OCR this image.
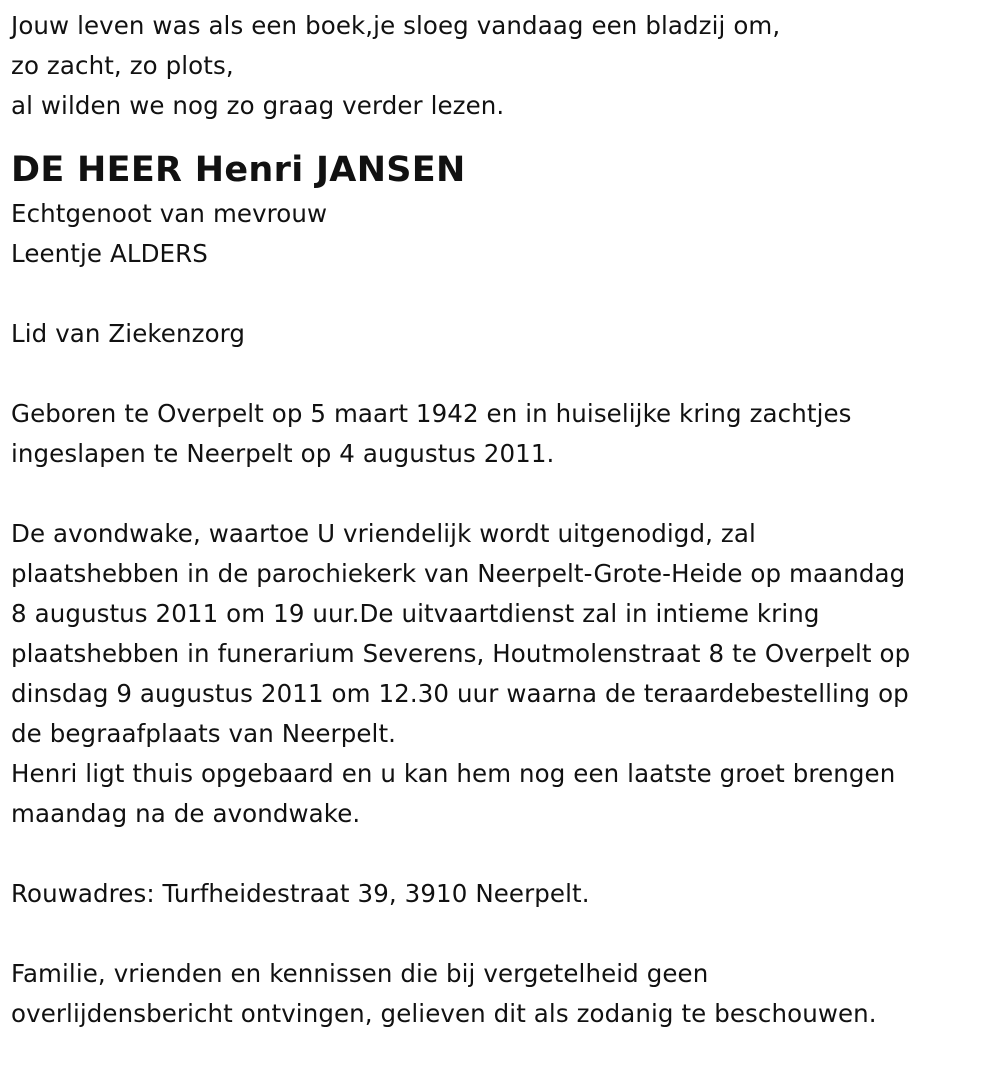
Jouw leven was als een boek,je sloeg vandaag een bladzij om,
zo zacht, zo plots,
al wilden we nog zo graag verder lezen.
DE HEER Henri JANSEN
Echtgenoot van mevrouw
Leentje ALDERS
Lid van Ziekenzorg
Geboren te Overpelt op 5 maart 1942 en in huiselijke kring zachtjes
ingeslapen te Neerpelt op 4 augustus 2011.
De avondwake, waartoe U vriendelijk wordt uitgenodigd, zal
plaatshebben in de parochiekerk van Neerpelt-Grote-Heide op maandag
8 augustus 2011 om 19 uur.De uitvaartdienst zal in intieme kring
plaatshebben in funerarium Severens, Houtmolenstraat 8 te Overpelt op
dinsdag 9 augustus 2011 om 12.30 uur waarna de teraardebestelling op
de begraafplaats van Neerpelt.
Henri ligt thuis opgebaard en u kan hem nog een laatste groet brengen
maandag na de avondwake.
Rouwadres: Turfheidestraat 39, 3910 Neerpelt.
Familie, vrienden en kennissen die bij vergetelheid geen
overlijdensbericht ontvingen, gelieven dit als zodanig te beschouwen.
